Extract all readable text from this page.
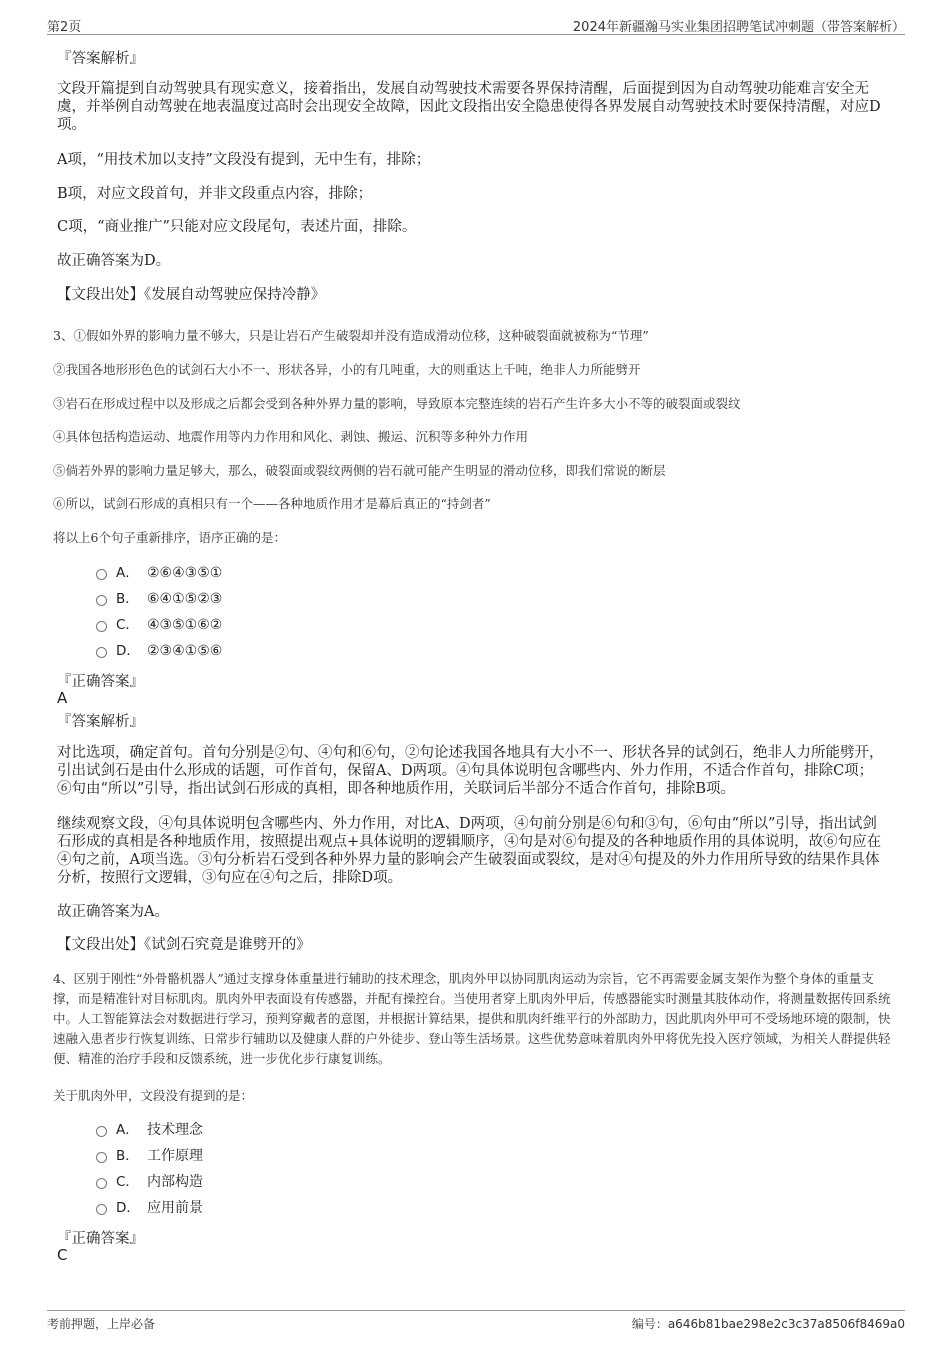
第2页	2024年新疆瀚马实业集团招聘笔试冲刺题（带答案解析）
『答案解析』
文段开篇提到自动驾驶具有现实意义，接着指出，发展自动驾驶技术需要各界保持清醒，后面提到因为自动驾驶功能难言安全无虞，并举例自动驾驶在地表温度过高时会出现安全故障，因此文段指出安全隐患使得各界发展自动驾驶技术时要保持清醒，对应D项。
A项，“用技术加以支持”文段没有提到，无中生有，排除；
B项，对应文段首句，并非文段重点内容，排除；
C项，“商业推广”只能对应文段尾句，表述片面，排除。
故正确答案为D。
【文段出处】《发展自动驾驶应保持冷静》
3、①假如外界的影响力量不够大，只是让岩石产生破裂却并没有造成滑动位移，这种破裂面就被称为“节理”
②我国各地形形色色的试剑石大小不一、形状各异，小的有几吨重，大的则重达上千吨，绝非人力所能劈开
③岩石在形成过程中以及形成之后都会受到各种外界力量的影响，导致原本完整连续的岩石产生许多大小不等的破裂面或裂纹
④具体包括构造运动、地震作用等内力作用和风化、剥蚀、搬运、沉积等多种外力作用
⑤倘若外界的影响力量足够大，那么，破裂面或裂纹两侧的岩石就可能产生明显的滑动位移，即我们常说的断层
⑥所以，试剑石形成的真相只有一个——各种地质作用才是幕后真正的“持剑者”
将以上6个句子重新排序，语序正确的是：
A． ②⑥④③⑤①
B． ⑥④①⑤②③
C． ④③⑤①⑥②
D． ②③④①⑤⑥
『正确答案』
A
『答案解析』
对比选项，确定首句。首句分别是②句、④句和⑥句，②句论述我国各地具有大小不一、形状各异的试剑石，绝非人力所能劈开，引出试剑石是由什么形成的话题，可作首句，保留A、D两项。④句具体说明包含哪些内、外力作用，不适合作首句，排除C项；⑥句由“所以”引导，指出试剑石形成的真相，即各种地质作用，关联词后半部分不适合作首句，排除B项。
继续观察文段，④句具体说明包含哪些内、外力作用，对比A、D两项，④句前分别是⑥句和③句，⑥句由“所以”引导，指出试剑石形成的真相是各种地质作用，按照提出观点+具体说明的逻辑顺序，④句是对⑥句提及的各种地质作用的具体说明，故⑥句应在④句之前，A项当选。③句分析岩石受到各种外界力量的影响会产生破裂面或裂纹，是对④句提及的外力作用所导致的结果作具体分析，按照行文逻辑，③句应在④句之后，排除D项。
故正确答案为A。
【文段出处】《试剑石究竟是谁劈开的》
4、区别于刚性“外骨骼机器人”通过支撑身体重量进行辅助的技术理念，肌肉外甲以协同肌肉运动为宗旨，它不再需要金属支架作为整个身体的重量支撑，而是精准针对目标肌肉。肌肉外甲表面设有传感器，并配有操控台。当使用者穿上肌肉外甲后，传感器能实时测量其肢体动作，将测量数据传回系统中。人工智能算法会对数据进行学习，预判穿戴者的意图，并根据计算结果，提供和肌肉纤维平行的外部助力，因此肌肉外甲可不受场地环境的限制，快速融入患者步行恢复训练、日常步行辅助以及健康人群的户外徒步、登山等生活场景。这些优势意味着肌肉外甲将优先投入医疗领域，为相关人群提供轻便、精准的治疗手段和反馈系统，进一步优化步行康复训练。
关于肌肉外甲，文段没有提到的是：
A． 技术理念
B． 工作原理
C． 内部构造
D． 应用前景
『正确答案』
C
考前押题，上岸必备	编号：a646b81bae298e2c3c37a8506f8469a0
